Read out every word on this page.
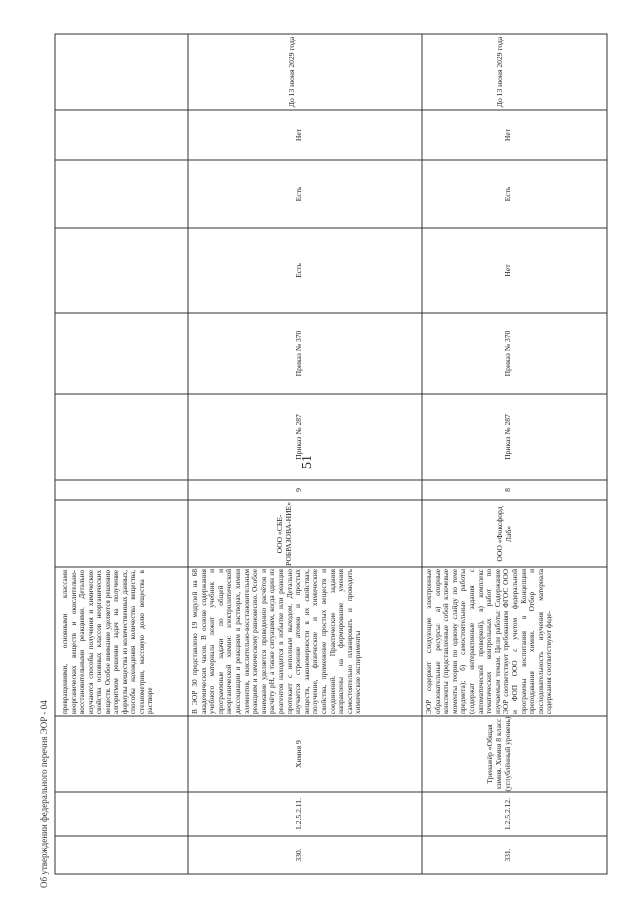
51
Об утверждении федерального перечня ЭОР - 04
превращениями, основными классами неорганических веществ и окислительно-восстановительными реакциями. Детально изучаются способы получения и химические свойства основных классов неорганических веществ. Особое внимание уделяется решению алгоритмом решения задач на получение формулы вещества из количественных данных, способы нахождения количества вещества, стехиометрии, массовую долю вещества в растворе
330.
1.2.5.2.11.
Химия 9
В ЭОР 30 представлено 19 модулей на 68 академических часов. В основе содержания учебного материала лежит учебник и программные задачи по общей и неорганической химии: электролитической диссоциации и реакциям в растворах, химии элементов, окислительно-восстановительным реакциям и химическому равновесию. Особое внимание уделяется проведению расчётов и расчёту рН, а также ситуациям, когда один из реагентов находится в избытке или реакция протекает с неполным выходом. Детально изучается строение атомов и простых веществ, закономерности в их свойствах, получение, физические и химические свойства, применение простых веществ и соединений. Практические задания направлены на формирование умения самостоятельно планировать и проводить химические эксперименты
ООО «СБЕ-РОБРАЗОВА-НИЕ»
9
Приказ № 287
Приказ № 370
Есть
Есть
Нет
До 13 июня 2029 года
331.
1.2.5.2.12.
Тренажёр «Общая химия. Химия 8 класс (углублённый уровень)
ЭОР содержит следующие электронные образовательные ресурсы: а) опорные конспекты (представленные собой ключевые моменты теории по одному слайду по теме предмета); б) самостоятельные работы (содержат интерактивные задания с автоматической проверкой), в) комплекс тематических контрольных работ по изучаемым темам. Цели работы: Содержание ЭОР соответствует требованиям ФГОС ООО и ФОП ООО с учетом федеральной программы воспитания в Концепции преподавания химии. Отбор и последовательность изучения материала содержания соответствуют феде-
ООО «Фоксфорд Лаб»
8
Приказ № 287
Приказ № 370
Нет
Есть
Нет
До 13 июня 2029 года
